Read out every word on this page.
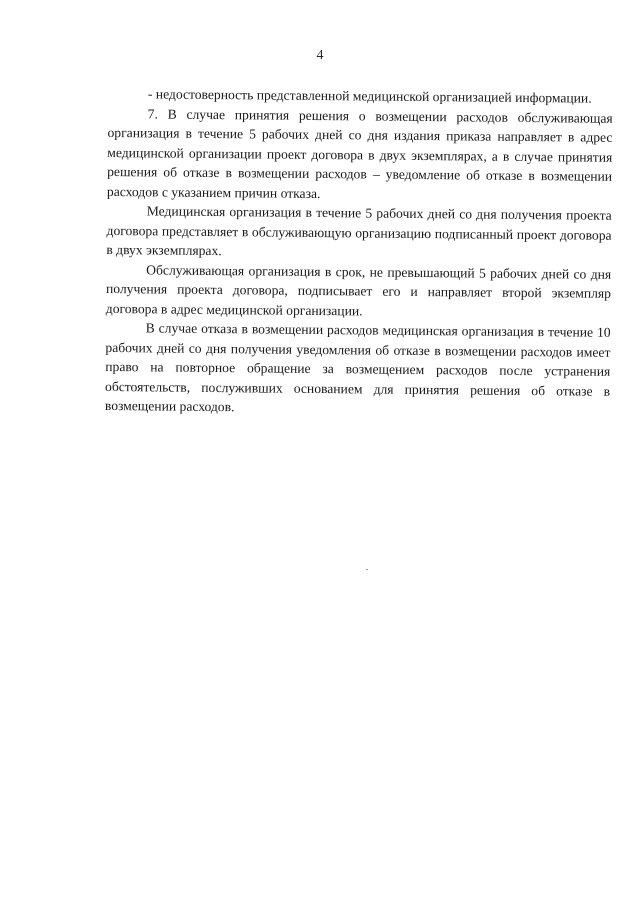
4

- недостоверность представленной медицинской организацией информации.

7. В случае принятия решения о возмещении расходов обслуживающая организация в течение 5 рабочих дней со дня издания приказа направляет в адрес медицинской организации проект договора в двух экземплярах, а в случае принятия решения об отказе в возмещении расходов – уведомление об отказе в возмещении расходов с указанием причин отказа.

Медицинская организация в течение 5 рабочих дней со дня получения проекта договора представляет в обслуживающую организацию подписанный проект договора в двух экземплярах.

Обслуживающая организация в срок, не превышающий 5 рабочих дней со дня получения проекта договора, подписывает его и направляет второй экземпляр договора в адрес медицинской организации.

В случае отказа в возмещении расходов медицинская организация в течение 10 рабочих дней со дня получения уведомления об отказе в возмещении расходов имеет право на повторное обращение за возмещением расходов после устранения обстоятельств, послуживших основанием для принятия решения об отказе в возмещении расходов.
